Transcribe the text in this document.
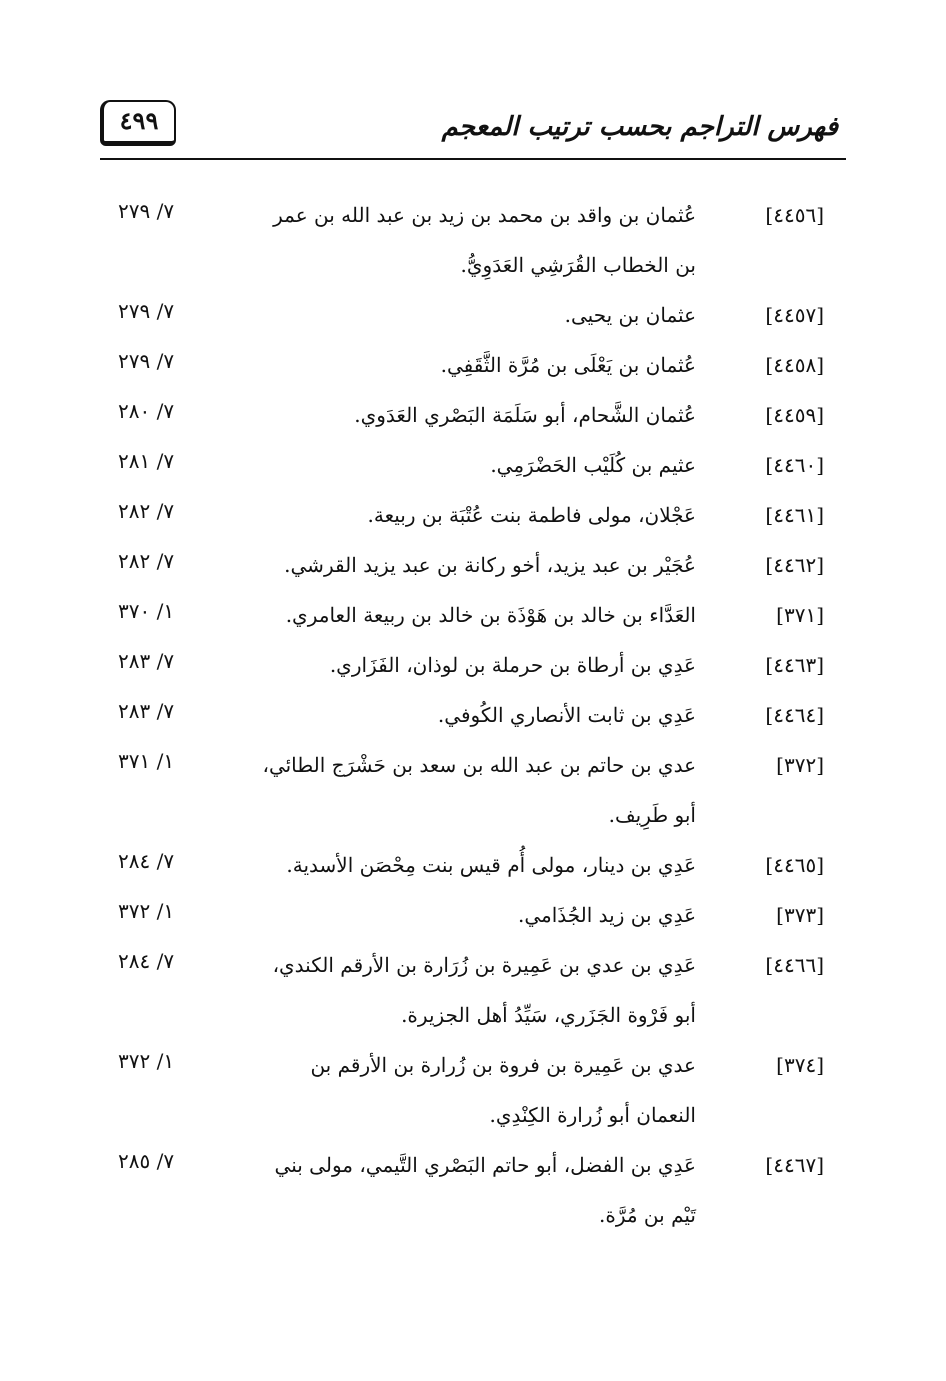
٤٩٩	فهرس التراجم بحسب ترتيب المعجم
[٤٤٥٦]
عُثمان بن واقد بن محمد بن زيد بن عبد الله بن عمر بن الخطاب القُرَشِي العَدَوِيُّ.
٧/ ٢٧٩
[٤٤٥٧]
عثمان بن يحيى.
٧/ ٢٧٩
[٤٤٥٨]
عُثمان بن يَعْلَى بن مُرَّة الثَّقَفِي.
٧/ ٢٧٩
[٤٤٥٩]
عُثمان الشَّحام، أبو سَلَمَة البَصْري العَدَوي.
٧/ ٢٨٠
[٤٤٦٠]
عثيم بن كُلَيْب الحَضْرَمِي.
٧/ ٢٨١
[٤٤٦١]
عَجْلان، مولى فاطمة بنت عُتْبَة بن ربيعة.
٧/ ٢٨٢
[٤٤٦٢]
عُجَيْر بن عبد يزيد، أخو ركانة بن عبد يزيد القرشي.
٧/ ٢٨٢
[٣٧١]
العَدَّاء بن خالد بن هَوْذَة بن خالد بن ربيعة العامري.
١/ ٣٧٠
[٤٤٦٣]
عَدِي بن أرطاة بن حرملة بن لوذان، الفَزَاري.
٧/ ٢٨٣
[٤٤٦٤]
عَدِي بن ثابت الأنصاري الكُوفي.
٧/ ٢٨٣
[٣٧٢]
عدي بن حاتم بن عبد الله بن سعد بن حَشْرَج الطائي، أبو طَرِيف.
١/ ٣٧١
[٤٤٦٥]
عَدِي بن دينار، مولى أُم قيس بنت مِحْصَن الأسدية.
٧/ ٢٨٤
[٣٧٣]
عَدِي بن زيد الجُذَامي.
١/ ٣٧٢
[٤٤٦٦]
عَدِي بن عدي بن عَمِيرة بن زُرَارة بن الأرقم الكندي، أبو فَرْوة الجَزَري، سَيِّدُ أهل الجزيرة.
٧/ ٢٨٤
[٣٧٤]
عدي بن عَمِيرة بن فروة بن زُرارة بن الأرقم بن النعمان أبو زُرارة الكِنْدِي.
١/ ٣٧٢
[٤٤٦٧]
عَدِي بن الفضل، أبو حاتم البَصْري التَّيمي، مولى بني تَيْم بن مُرَّة.
٧/ ٢٨٥
